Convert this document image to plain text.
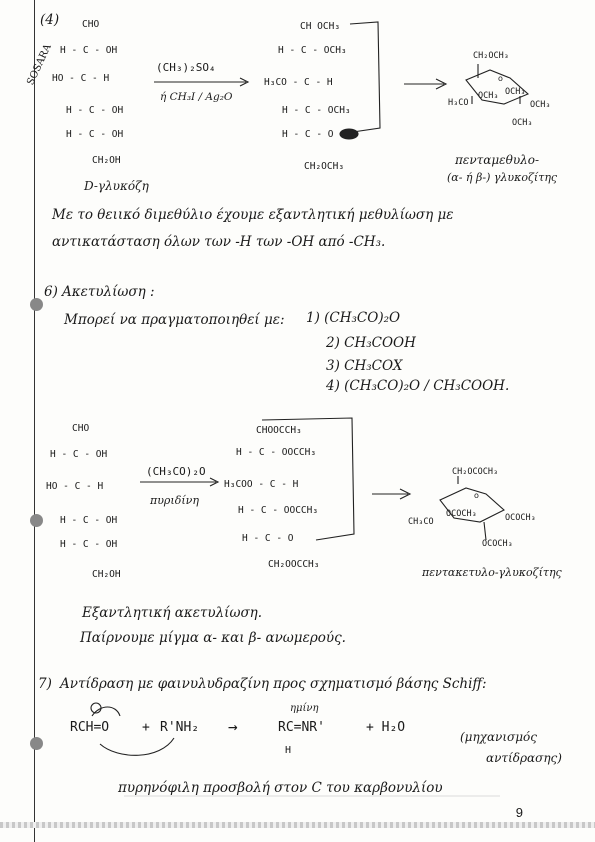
SOSARA
(4) CHO
H - C - OH
HO - C - H
H - C - OH
H - C - OH
CH₂OH
D-γλυκόζη
(CH₃)₂SO₄
ή CH₃I / Ag₂O
CH OCH₃
H - C - OCH₃
H₃CO - C - H
H - C - OCH₃
H - C - O
CH₂OCH₃
CH₂OCH₃
OCH₃ OCH₃
OCH₃
H₃CO
OCH₃
πενταμεθυλο-
(α- ή β-) γλυκοζίτης
Με το θειικό διμεθύλιο έχουμε εξαντλητική μεθυλίωση με
αντικατάσταση όλων των -Η των -ΟΗ από -CH₃.
6) Ακετυλίωση :
Μπορεί να πραγματοποιηθεί με: 1) (CH₃CO)₂O
2) CH₃COOH
3) CH₃COX
4) (CH₃CO)₂O / CH₃COOH.
CHO
H - C - OH
HO - C - H
H - C - OH
H - C - OH
CH₂OH
(CH₃CO)₂O
πυριδίνη
CHOOCCH₃
H - C - OOCCH₃
H₃COO - C - H
H - C - OOCCH₃
H - C - O
CH₂OOCCH₃
CH₂OCOCH₃
CH₃CO
OCOCH₃	OCOCH₃
OCOCH₃
πεντακετυλο-γλυκοζίτης
Εξαντλητική ακετυλίωση.
Παίρνουμε μίγμα α- και β- ανωμερούς.
7) Αντίδραση με φαινυλυδραζίνη προς σχηματισμό βάσης Schiff:
RCH=O	+ R'NH₂ →
ημίνη
RC=NR'
H
+ H₂O
(μηχανισμός
αντίδρασης)
πυρηνόφιλη προσβολή στον C του καρβονυλίου
9
o
o
